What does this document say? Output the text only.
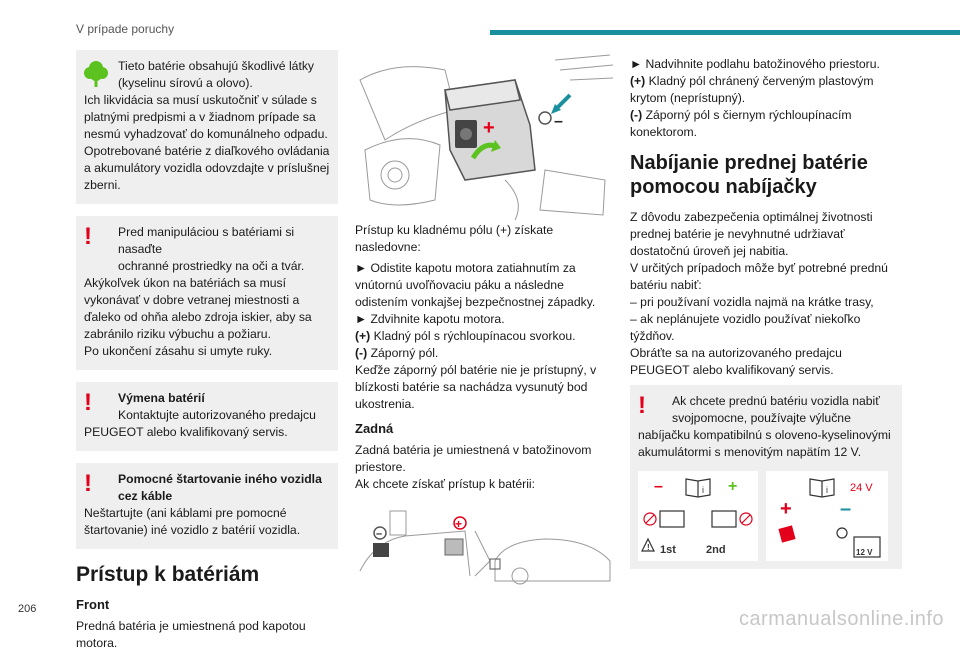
V prípade poruchy
Tieto batérie obsahujú škodlivé látky
(kyselinu sírovú a olovo).

Ich likvidácia sa musí uskutočniť v súlade s platnými predpismi a v žiadnom prípade sa nesmú vyhadzovať do komunálneho odpadu. Opotrebované batérie z diaľkového ovládania a akumulátory vozidla odovzdajte v príslušnej zberni.

!	Pred manipuláciou s batériami si nasaďte
ochranné prostriedky na oči a tvár.

Akýkoľvek úkon na batériách sa musí vykonávať v dobre vetranej miestnosti a ďaleko od ohňa alebo zdroja iskier, aby sa zabránilo riziku výbuchu a požiaru.

Po ukončení zásahu si umyte ruky.

!	Výmena batérií
Kontaktujte autorizovaného predajcu

PEUGEOT alebo kvalifikovaný servis.

!	Pomocné štartovanie iného vozidla
cez káble

Neštartujte (ani káblami pre pomocné štartovanie) iné vozidlo z batérií vozidla.

Prístup k batériám
Front

Predná batéria je umiestnená pod kapotou motora.

+	–

Prístup ku kladnému pólu (+) získate nasledovne:

► Odistite kapotu motora zatiahnutím za vnútornú uvoľňovaciu páku a následne odistením vonkajšej bezpečnostnej západky.

► Zdvihnite kapotu motora.

(+) Kladný pól s rýchloupínacou svorkou.

(-) Záporný pól.

Keďže záporný pól batérie nie je prístupný, v blízkosti batérie sa nachádza vysunutý bod ukostrenia.

Zadná

Zadná batéria je umiestnená v batožinovom priestore.

Ak chcete získať prístup k batérii:

–
+

► Nadvihnite podlahu batožinového priestoru.

(+) Kladný pól chránený červeným plastovým krytom (neprístupný).

(-) Záporný pól s čiernym rýchloupínacím konektorom.

Nabíjanie prednej batérie pomocou nabíjačky

Z dôvodu zabezpečenia optimálnej životnosti prednej batérie je nevyhnutné udržiavať dostatočnú úroveň jej nabitia.

V určitých prípadoch môže byť potrebné prednú batériu nabiť:

– pri používaní vozidla najmä na krátke trasy,

– ak neplánujete vozidlo používať niekoľko týždňov.

Obráťte sa na autorizovaného predajcu PEUGEOT alebo kvalifikovaný servis.

!	Ak chcete prednú batériu vozidla nabiť
svojpomocne, používajte výlučne

nabíjačku kompatibilnú s oloveno-kyselinovými akumulátormi s menovitým napätím 12 V.

–	+
i
! 1st	2nd
i 24 V
+ –
12 V
206	carmanualsonline.info
